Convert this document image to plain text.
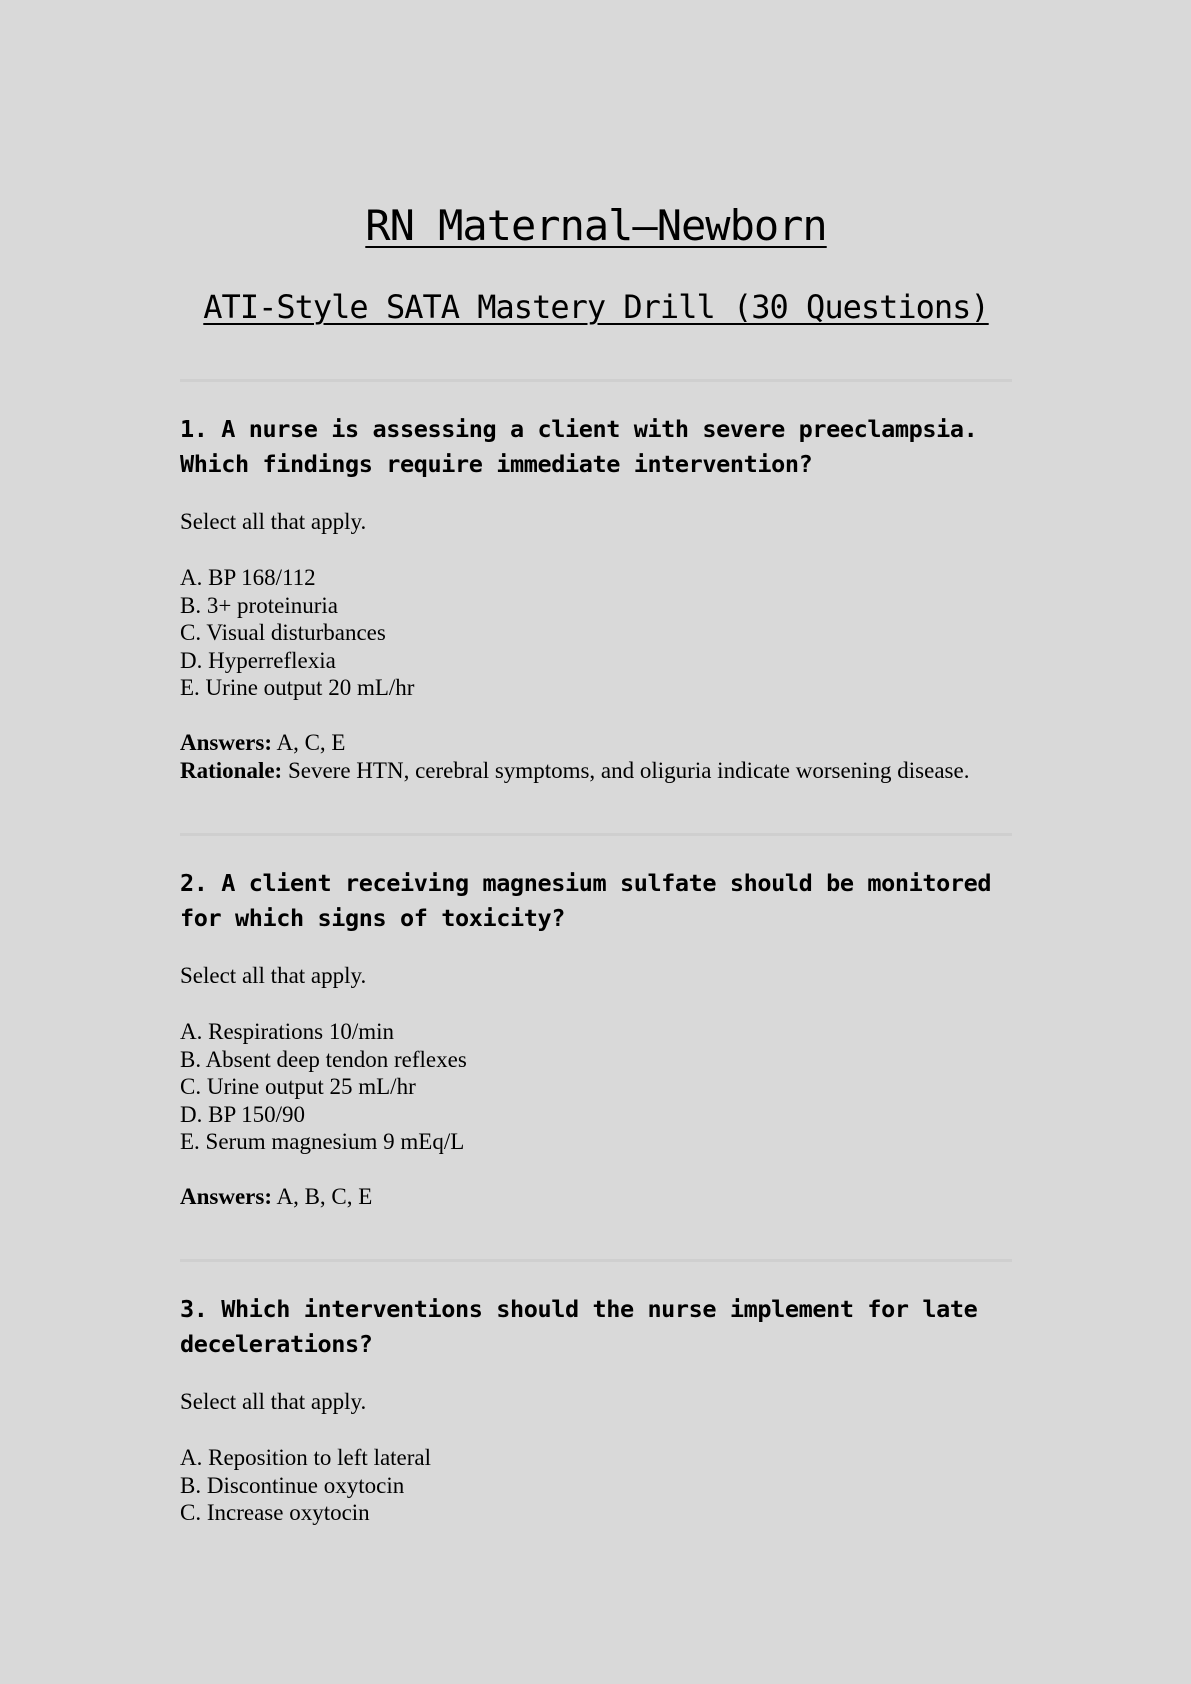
RN Maternal–Newborn
ATI-Style SATA Mastery Drill (30 Questions)

1. A nurse is assessing a client with severe preeclampsia. Which findings require immediate intervention?

Select all that apply.

A. BP 168/112
B. 3+ proteinuria
C. Visual disturbances
D. Hyperreflexia
E. Urine output 20 mL/hr
Answers: A, C, E
Rationale: Severe HTN, cerebral symptoms, and oliguria indicate worsening disease.

2. A client receiving magnesium sulfate should be monitored for which signs of toxicity?

Select all that apply.

A. Respirations 10/min
B. Absent deep tendon reflexes
C. Urine output 25 mL/hr
D. BP 150/90
E. Serum magnesium 9 mEq/L
Answers: A, B, C, E

3. Which interventions should the nurse implement for late decelerations?

Select all that apply.

A. Reposition to left lateral
B. Discontinue oxytocin
C. Increase oxytocin
